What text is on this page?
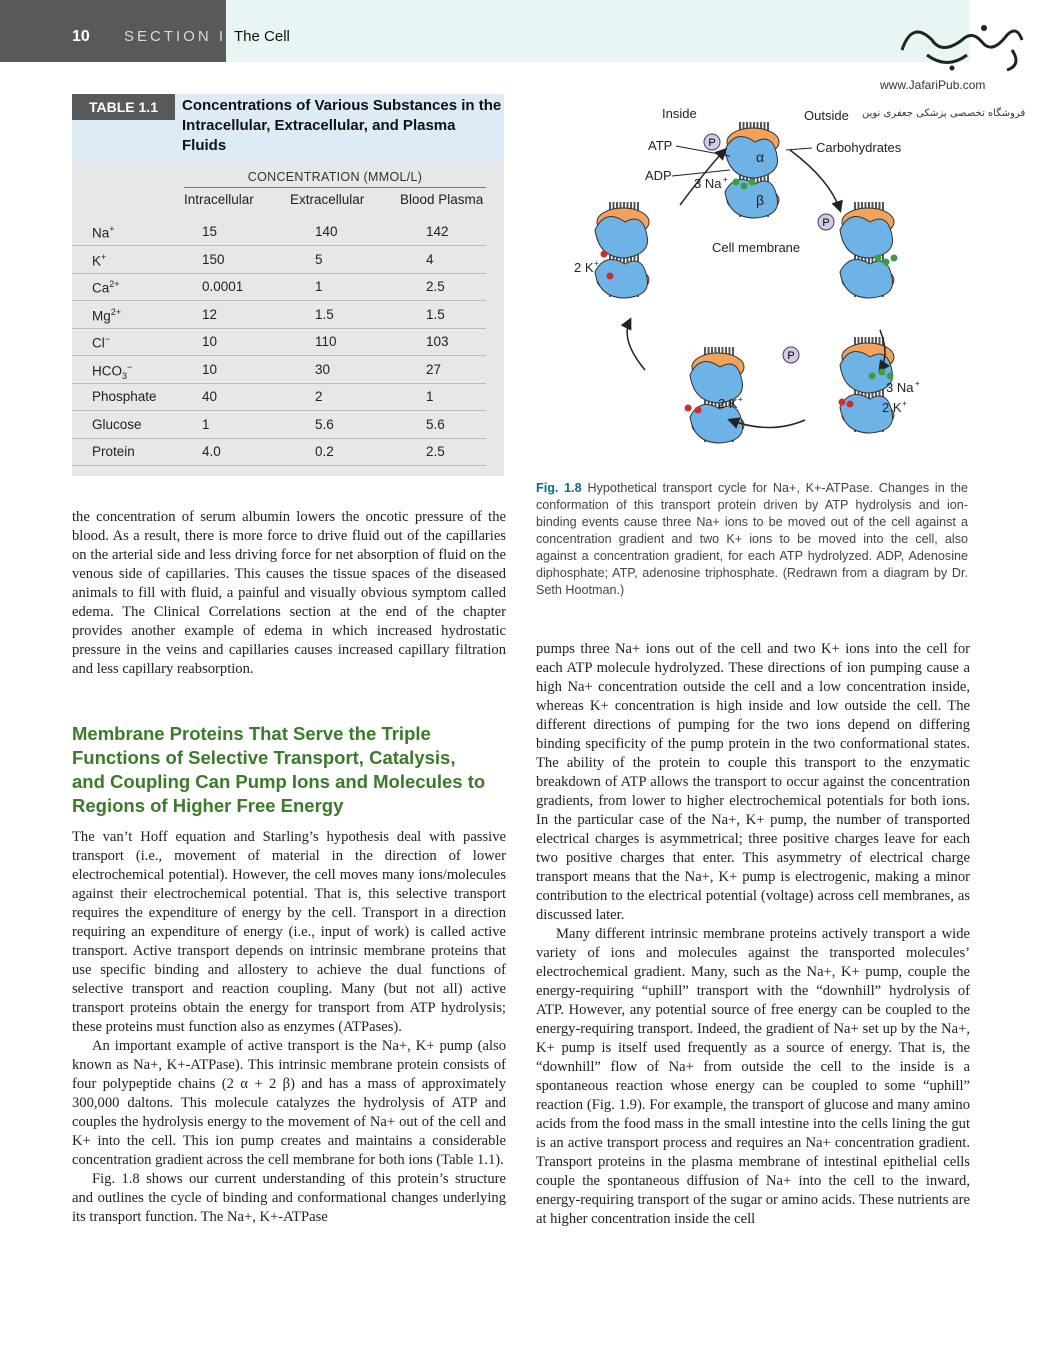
10 SECTION I The Cell
www.JafariPub.com
فروشگاه تخصصی پزشکی جعفری نوین
TABLE 1.1	Concentrations of Various Substances in the Intracellular, Extracellular, and Plasma Fluids
CONCENTRATION (MMOL/L)
Intracellular	Extracellular	Blood Plasma
Na+	15	140	142
K+	150	5	4
$Ca^{2+}$	0.0001	1	2.5
$Mg^{2+}$	12	1.5	1.5
Cl−	10	110	103
$HCO_3^-$	10	30	27
Phosphate	40	2	1
Glucose	1	5.6	5.6
Protein	4.0	0.2	2.5
Inside	Outside
ATP
ADP
3 Na +
Carbohydrates
α
β
Cell membrane
2 K +
2 K +
3 Na +
2 K +
P
P
P
Fig. 1.8 Hypothetical transport cycle for Na+, K+-ATPase. Changes in the conformation of this transport protein driven by ATP hydrolysis and ion-binding events cause three Na+ ions to be moved out of the cell against a concentration gradient and two K+ ions to be moved into the cell, also against a concentration gradient, for each ATP hydrolyzed. ADP, Adenosine diphosphate; ATP, adenosine triphosphate. (Redrawn from a diagram by Dr. Seth Hootman.)

the concentration of serum albumin lowers the oncotic pressure of the blood. As a result, there is more force to drive fluid out of the capillaries on the arterial side and less driving force for net absorption of fluid on the venous side of capillaries. This causes the tissue spaces of the diseased animals to fill with fluid, a painful and visually obvious symptom called edema. The Clinical Correlations section at the end of the chapter provides another example of edema in which increased hydrostatic pressure in the veins and capillaries causes increased capillary filtration and less capillary reabsorption.

Membrane Proteins That Serve the Triple Functions of Selective Transport, Catalysis, and Coupling Can Pump Ions and Molecules to Regions of Higher Free Energy

The van’t Hoff equation and Starling’s hypothesis deal with passive transport (i.e., movement of material in the direction of lower electrochemical potential). However, the cell moves many ions/molecules against their electrochemical potential. That is, this selective transport requires the expenditure of energy by the cell. Transport in a direction requiring an expenditure of energy (i.e., input of work) is called active transport. Active transport depends on intrinsic membrane proteins that use specific binding and allostery to achieve the dual functions of selective transport and reaction coupling. Many (but not all) active transport proteins obtain the energy for transport from ATP hydrolysis; these proteins must function also as enzymes (ATPases).

An important example of active transport is the Na+, K+ pump (also known as Na+, K+-ATPase). This intrinsic membrane protein consists of four polypeptide chains (2 α + 2 β) and has a mass of approximately 300,000 daltons. This molecule catalyzes the hydrolysis of ATP and couples the hydrolysis energy to the movement of Na+ out of the cell and K+ into the cell. This ion pump creates and maintains a considerable concentration gradient across the cell membrane for both ions (Table 1.1).

Fig. 1.8 shows our current understanding of this protein’s structure and outlines the cycle of binding and conformational changes underlying its transport function. The Na+, K+-ATPase

pumps three Na+ ions out of the cell and two K+ ions into the cell for each ATP molecule hydrolyzed. These directions of ion pumping cause a high Na+ concentration outside the cell and a low concentration inside, whereas K+ concentration is high inside and low outside the cell. The different directions of pumping for the two ions depend on differing binding specificity of the pump protein in the two conformational states. The ability of the protein to couple this transport to the enzymatic breakdown of ATP allows the transport to occur against the concentration gradients, from lower to higher electrochemical potentials for both ions. In the particular case of the Na+, K+ pump, the number of transported electrical charges is asymmetrical; three positive charges leave for each two positive charges that enter. This asymmetry of electrical charge transport means that the Na+, K+ pump is electrogenic, making a minor contribution to the electrical potential (voltage) across cell membranes, as discussed later.

Many different intrinsic membrane proteins actively transport a wide variety of ions and molecules against the transported molecules’ electrochemical gradient. Many, such as the Na+, K+ pump, couple the energy-requiring “uphill” transport with the “downhill” hydrolysis of ATP. However, any potential source of free energy can be coupled to the energy-requiring transport. Indeed, the gradient of Na+ set up by the Na+, K+ pump is itself used frequently as a source of energy. That is, the “downhill” flow of Na+ from outside the cell to the inside is a spontaneous reaction whose energy can be coupled to some “uphill” reaction (Fig. 1.9). For example, the transport of glucose and many amino acids from the food mass in the small intestine into the cells lining the gut is an active transport process and requires an Na+ concentration gradient. Transport proteins in the plasma membrane of intestinal epithelial cells couple the spontaneous diffusion of Na+ into the cell to the inward, energy-requiring transport of the sugar or amino acids. These nutrients are at higher concentration inside the cell
